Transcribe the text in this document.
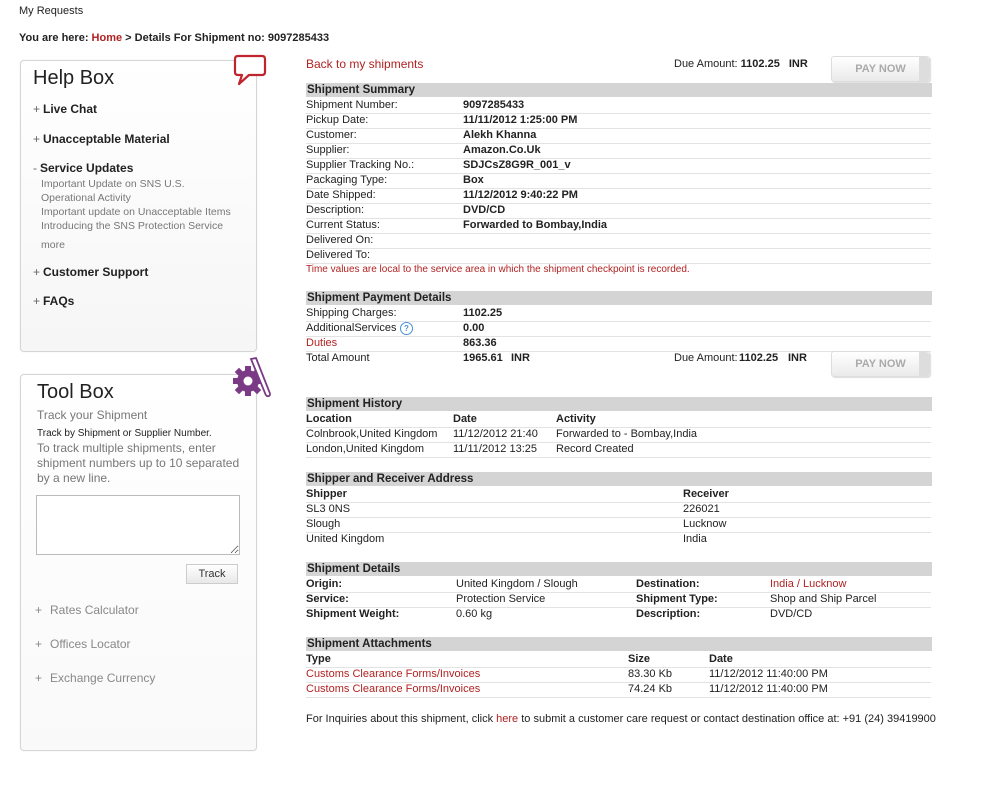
My Requests
You are here: Home > Details For Shipment no: 9097285433
Help Box
+ Live Chat
+ Unacceptable Material
- Service Updates
Important Update on SNS U.S.
Operational Activity
Important update on Unacceptable Items
Introducing the SNS Protection Service
more
+ Customer Support
+ FAQs
Tool Box
Track your Shipment
Track by Shipment or Supplier Number.
To track multiple shipments, enter shipment numbers up to 10 separated by a new line.
Track
+ Rates Calculator
+ Offices Locator
+ Exchange Currency
Back to my shipments	Due Amount: 1102.25 INR	PAY NOW
Shipment Summary
Shipment Number:	9097285433
Pickup Date:	11/11/2012 1:25:00 PM
Customer:	Alekh Khanna
Supplier:	Amazon.Co.Uk
Supplier Tracking No.:	SDJCsZ8G9R_001_v
Packaging Type:	Box
Date Shipped:	11/12/2012 9:40:22 PM
Description:	DVD/CD
Current Status:	Forwarded to Bombay,India
Delivered On:
Delivered To:
Time values are local to the service area in which the shipment checkpoint is recorded.
Shipment Payment Details
Shipping Charges:	1102.25
AdditionalServices ?	0.00
Duties	863.36
Total Amount	1965.61 INR	Due Amount: 1102.25 INR	PAY NOW
Shipment History
Location	Date	Activity
Colnbrook,United Kingdom 11/12/2012 21:40 Forwarded to - Bombay,India
London,United Kingdom	11/11/2012 13:25 Record Created
Shipper and Receiver Address
Shipper	Receiver
SL3 0NS	226021
Slough	Lucknow
United Kingdom	India
Shipment Details
Origin:	United Kingdom / Slough	Destination:	India / Lucknow
Service:	Protection Service	Shipment Type:	Shop and Ship Parcel
Shipment Weight:	0.60 kg	Description:	DVD/CD
Shipment Attachments
Type	Size	Date
Customs Clearance Forms/Invoices	83.30 Kb	11/12/2012 11:40:00 PM
Customs Clearance Forms/Invoices	74.24 Kb	11/12/2012 11:40:00 PM
For Inquiries about this shipment, click here to submit a customer care request or contact destination office at: +91 (24) 39419900
